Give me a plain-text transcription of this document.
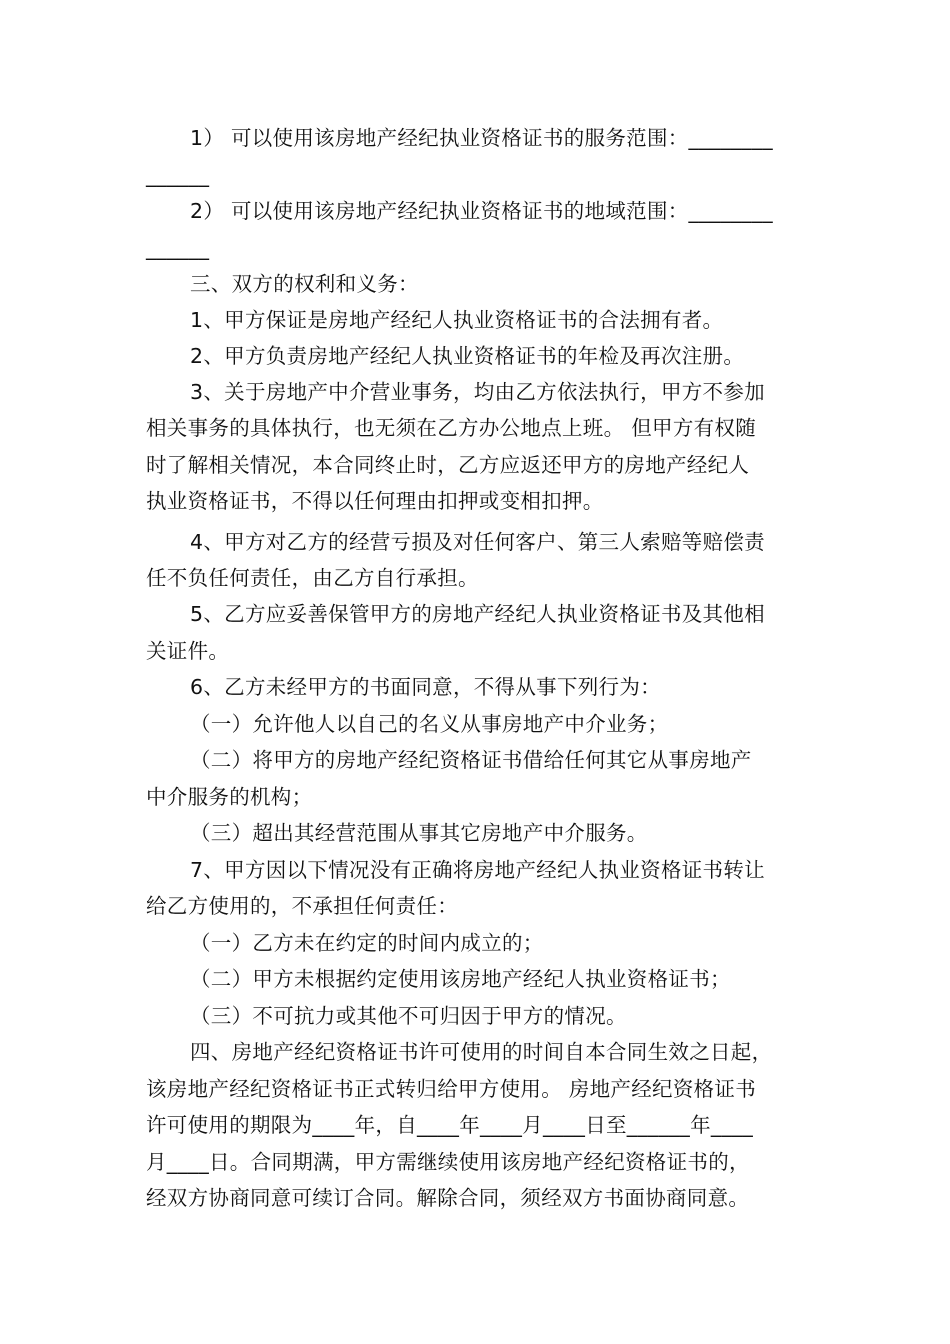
1） 可以使用该房地产经纪执业资格证书的服务范围：________
______
2） 可以使用该房地产经纪执业资格证书的地域范围：________
______
三、双方的权利和义务：
1、甲方保证是房地产经纪人执业资格证书的合法拥有者。
2、甲方负责房地产经纪人执业资格证书的年检及再次注册。
3、关于房地产中介营业事务，均由乙方依法执行，甲方不参加
相关事务的具体执行，也无须在乙方办公地点上班。 但甲方有权随
时了解相关情况，本合同终止时，乙方应返还甲方的房地产经纪人
执业资格证书，不得以任何理由扣押或变相扣押。
4、甲方对乙方的经营亏损及对任何客户、第三人索赔等赔偿责
任不负任何责任，由乙方自行承担。
5、乙方应妥善保管甲方的房地产经纪人执业资格证书及其他相
关证件。
6、乙方未经甲方的书面同意，不得从事下列行为：
（一）允许他人以自己的名义从事房地产中介业务；
（二）将甲方的房地产经纪资格证书借给任何其它从事房地产
中介服务的机构；
（三）超出其经营范围从事其它房地产中介服务。
7、甲方因以下情况没有正确将房地产经纪人执业资格证书转让
给乙方使用的，不承担任何责任：
（一）乙方未在约定的时间内成立的；
（二）甲方未根据约定使用该房地产经纪人执业资格证书；
（三）不可抗力或其他不可归因于甲方的情况。
四、房地产经纪资格证书许可使用的时间自本合同生效之日起，
该房地产经纪资格证书正式转归给甲方使用。 房地产经纪资格证书
许可使用的期限为____年，自____年____月____日至______年____
月____日。合同期满，甲方需继续使用该房地产经纪资格证书的，
经双方协商同意可续订合同。解除合同，须经双方书面协商同意。
